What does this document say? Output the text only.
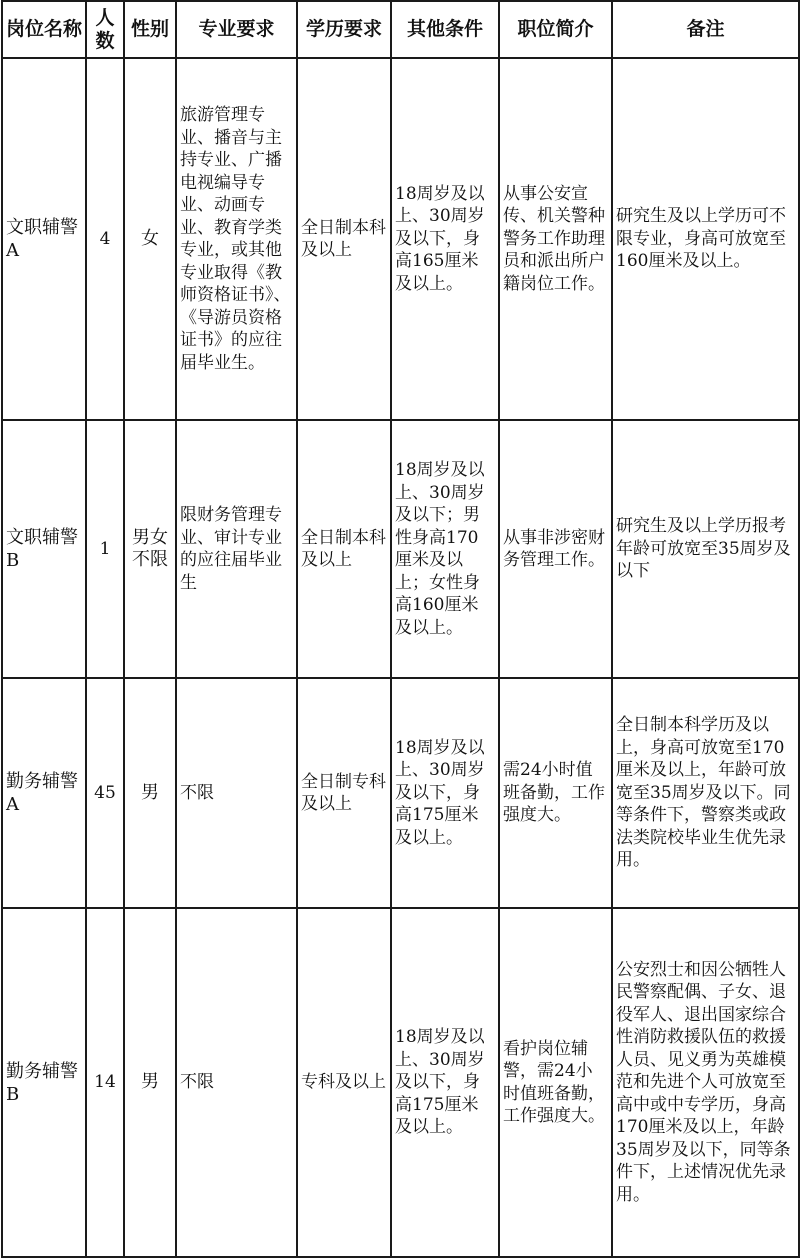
岗位名称	人数	性别	专业要求	学历要求	其他条件	职位简介	备注
文职辅警A	4	女	旅游管理专业、播音与主持专业、广播电视编导专业、动画专业、教育学类专业，或其他专业取得《教师资格证书》、《导游员资格证书》的应往届毕业生。	全日制本科及以上	18周岁及以上、30周岁及以下，身高165厘米及以上。	从事公安宣传、机关警种警务工作助理员和派出所户籍岗位工作。	研究生及以上学历可不限专业，身高可放宽至160厘米及以上。
文职辅警B	1	男女不限	限财务管理专业、审计专业的应往届毕业生	全日制本科及以上	18周岁及以上、30周岁及以下；男性身高170厘米及以上；女性身高160厘米及以上。	从事非涉密财务管理工作。	研究生及以上学历报考年龄可放宽至35周岁及以下
勤务辅警A	45	男	不限	全日制专科及以上	18周岁及以上、30周岁及以下，身高175厘米及以上。	需24小时值班备勤，工作强度大。	全日制本科学历及以上，身高可放宽至170厘米及以上，年龄可放宽至35周岁及以下。同等条件下，警察类或政法类院校毕业生优先录用。
勤务辅警B	14	男	不限	专科及以上	18周岁及以上、30周岁及以下，身高175厘米及以上。	看护岗位辅警，需24小时值班备勤，工作强度大。	公安烈士和因公牺牲人民警察配偶、子女、退役军人、退出国家综合性消防救援队伍的救援人员、见义勇为英雄模范和先进个人可放宽至高中或中专学历，身高170厘米及以上，年龄35周岁及以下，同等条件下，上述情况优先录用。
